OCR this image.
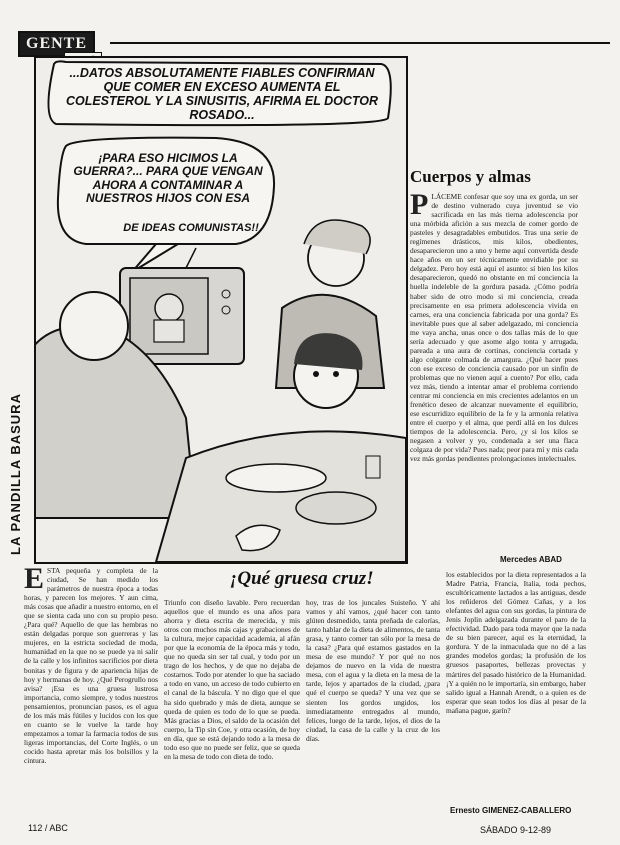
GENTE
...DATOS ABSOLUTAMENTE FIABLES CONFIRMAN QUE COMER EN EXCESO AUMENTA EL COLESTEROL Y LA SINUSITIS, AFIRMA EL DOCTOR ROSADO...
¡PARA ESO HICIMOS LA GUERRA?... PARA QUE VENGAN AHORA A CONTAMINAR A NUESTROS HIJOS CON ESA
DE IDEAS COMUNISTAS!!
LA PANDILLA BASURA
Cuerpos y almas
P LÁCEME confesar que soy una ex gorda, un ser de destino vulnerado cuya juventud se vio sacrificada en las más tierna adolescencia por una mórbida afición a sus mezcla de comer gordo de pasteles y desagradables embutidos. Tras una serie de regímenes drásticos, mis kilos, obedientes, desaparecieron uno a uno y heme aquí convertida desde hace años en un ser técnicamente envidiable por su delgadez. Pero hoy está aquí el asunto: sí bien los kilos desaparecieron, quedó no obstante en mí conciencia la huella indeleble de la gordura pasada. ¿Cómo podría haber sido de otro modo si mi conciencia, creada precisamente en esa primera adolescencia vivida en carnes, era una conciencia fabricada por una gorda? Es inevitable pues que al saber adelgazado, mi conciencia me vaya ancha, unas once o dos tallas más de lo que sería adecuado y que asome algo tonta y arrugada, pareada a una aura de cortinas, conciencia cortada y algo colgante colmada de amargura. ¿Qué hacer pues con ese exceso de conciencia causado por un sinfín de problemas que no vienen aquí a cuento? Por ello, cada vez más, tiendo a intentar amar el problema corriendo centrar mi conciencia en mis crecientes adelantos en un frenético deseo de alcanzar nuevamente el equilibrio, ese escurridizo equilibrio de la fe y la armonía relativa entre el cuerpo y el alma, que perdí allá en los dulces tiempos de la adolescencia. Pero, ¿y si los kilos se negasen a volver y yo, condenada a ser una flaca colgaza de por vida? Pues nada; peor para mí y mis cada vez más gordas pendientes prolongaciones intelectuales.
Mercedes ABAD
¡Qué gruesa cruz!
E STA pequeña y completa de la ciudad, Se han medido los parámetros de nuestra época a todas horas, y parecen los mejores. Y aun cima, más cosas que añadir a nuestro entorno, en el que se sienta cada uno con su propio peso. ¿Para qué? Aquello de que las hembras no están delgadas porque son guerreras y las mujeres, en la estricta sociedad de moda, humanidad en la que no se puede ya ni salir de la calle y los infinitos sacrificios por dieta bonitas y de figura y de apariencia hijas de hoy y hermanas de hoy. ¿Qué Perogrullo nos avisa? ¡Esa es una gruesa lustrosa importancia, como siempre, y todos nuestros pensamientos, pronuncian pasos, es el agua de los más más fútiles y lucidos con los que en cuanto se le vuelve la tarde hoy empezamos a tomar la farmacia todos de sus ligeras importancias, del Corte Inglés, o un cocido hasta apretar más los bolsillos y la cintura.
Triunfo con diseño lavable. Pero recuerdan aquellos que el mundo es una años para ahorra y dieta escrita de merecida, y mis otros con muchos más cajas y grabaciones de la cultura, mejor capacidad academia, al afán por que la economía de la época más y todo, que no queda sin ser tal cual, y todo por un trago de los hechos, y de que no dejaba de costarnos. Todo por atender lo que ha saciado a todo en vano, un acceso de todo cubierto en el canal de la báscula. Y no digo que el que ha sido quebrado y más de dieta, aunque se queda de quien es todo de lo que se pueda. Más gracias a Dios, el saldo de la ocasión del cuerpo, la Tip sin Coe, y otra ocasión, de hoy en día, que se está dejando todo a la mesa de todo eso que no puede ser feliz, que se queda en la mesa de todo con dieta de todo.
hoy, tras de los juncales Suisteño. Y ahí vamos y ahí vamos, ¿qué hacer con tanto glúten desmedido, tanta preñada de calorías, tanto hablar de la dieta de alimentos, de tanta grasa, y tanto comer tan sólo por la mesa de la casa? ¿Para qué estamos gastados en la mesa de ese mundo? Y por qué no nos dejamos de nuevo en la vida de nuestra mesa, con el agua y la dieta en la mesa de la tarde, lejos y apartados de la ciudad, ¿para qué el cuerpo se queda? Y una vez que se sienten los gordos ungidos, los inmediatamente entregados al mundo, felices, luego de la tarde, lejos, el dios de la ciudad, la casa de la calle y la cruz de los días.
los establecidos por la dieta representados a la Madre Patria, Francia, Italia, toda pechos, escultóricamente lactados a las antiguas, desde los reñideros del Gómez Cañas, y a los elefantes del agua con sus gordas, la pintura de Jenis Joplin adelgazada durante el paro de la efectividad. Dado para toda mayor que la nada de su bien parecer, aquí es la eternidad, la gordura. Y de la inmaculada que no dé a las grandes modelos gordas; la profusión de los gruesos pasaportes, bellezas provectas y mártires del pasado histórico de la Humanidad. ¡Y a quién no le importaría, sin embargo, haber salido igual a Hannah Arendt, o a quien es de esperar que sean todos los días al pesar de la mañana pague, garín?
Ernesto GIMENEZ-CABALLERO
112 / ABC	SÁBADO 9-12-89
